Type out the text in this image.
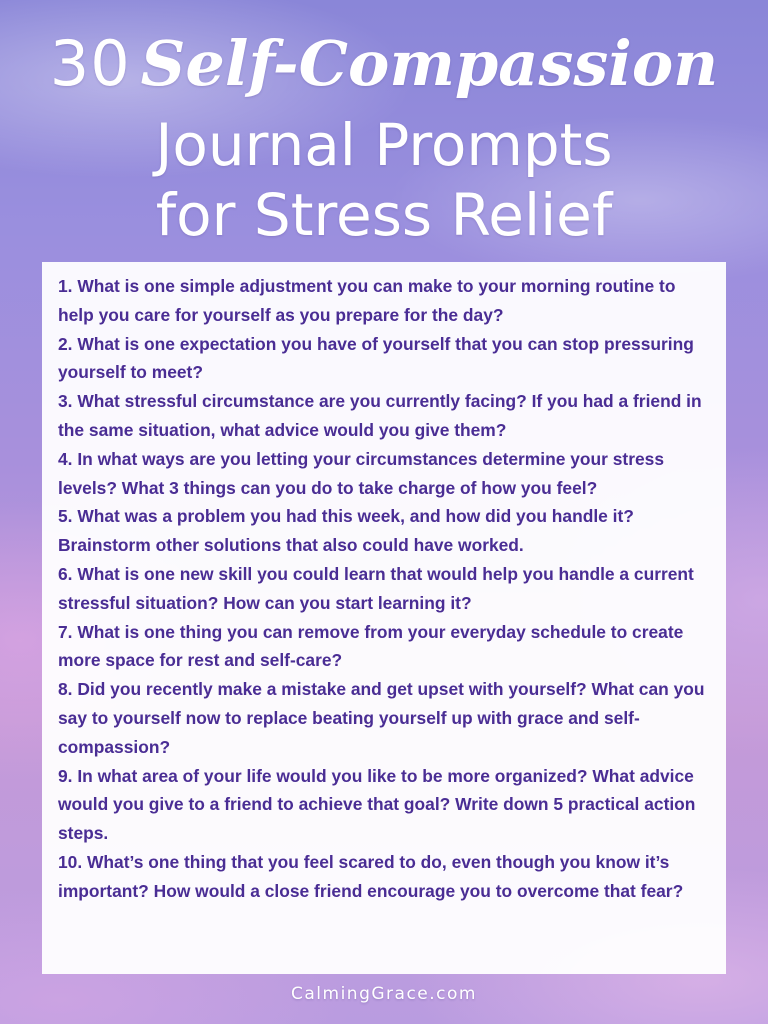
30 Self-Compassion
Journal Prompts
for Stress Relief

1. What is one simple adjustment you can make to your morning routine to help you care for yourself as you prepare for the day?

2. What is one expectation you have of yourself that you can stop pressuring yourself to meet?

3. What stressful circumstance are you currently facing? If you had a friend in the same situation, what advice would you give them?

4. In what ways are you letting your circumstances determine your stress levels? What 3 things can you do to take charge of how you feel?

5. What was a problem you had this week, and how did you handle it? Brainstorm other solutions that also could have worked.

6. What is one new skill you could learn that would help you handle a current stressful situation? How can you start learning it?

7. What is one thing you can remove from your everyday schedule to create more space for rest and self-care?

8. Did you recently make a mistake and get upset with yourself? What can you say to yourself now to replace beating yourself up with grace and self-compassion?

9. In what area of your life would you like to be more organized? What advice would you give to a friend to achieve that goal? Write down 5 practical action steps.

10. What’s one thing that you feel scared to do, even though you know it’s important? How would a close friend encourage you to overcome that fear?

CalmingGrace.com
